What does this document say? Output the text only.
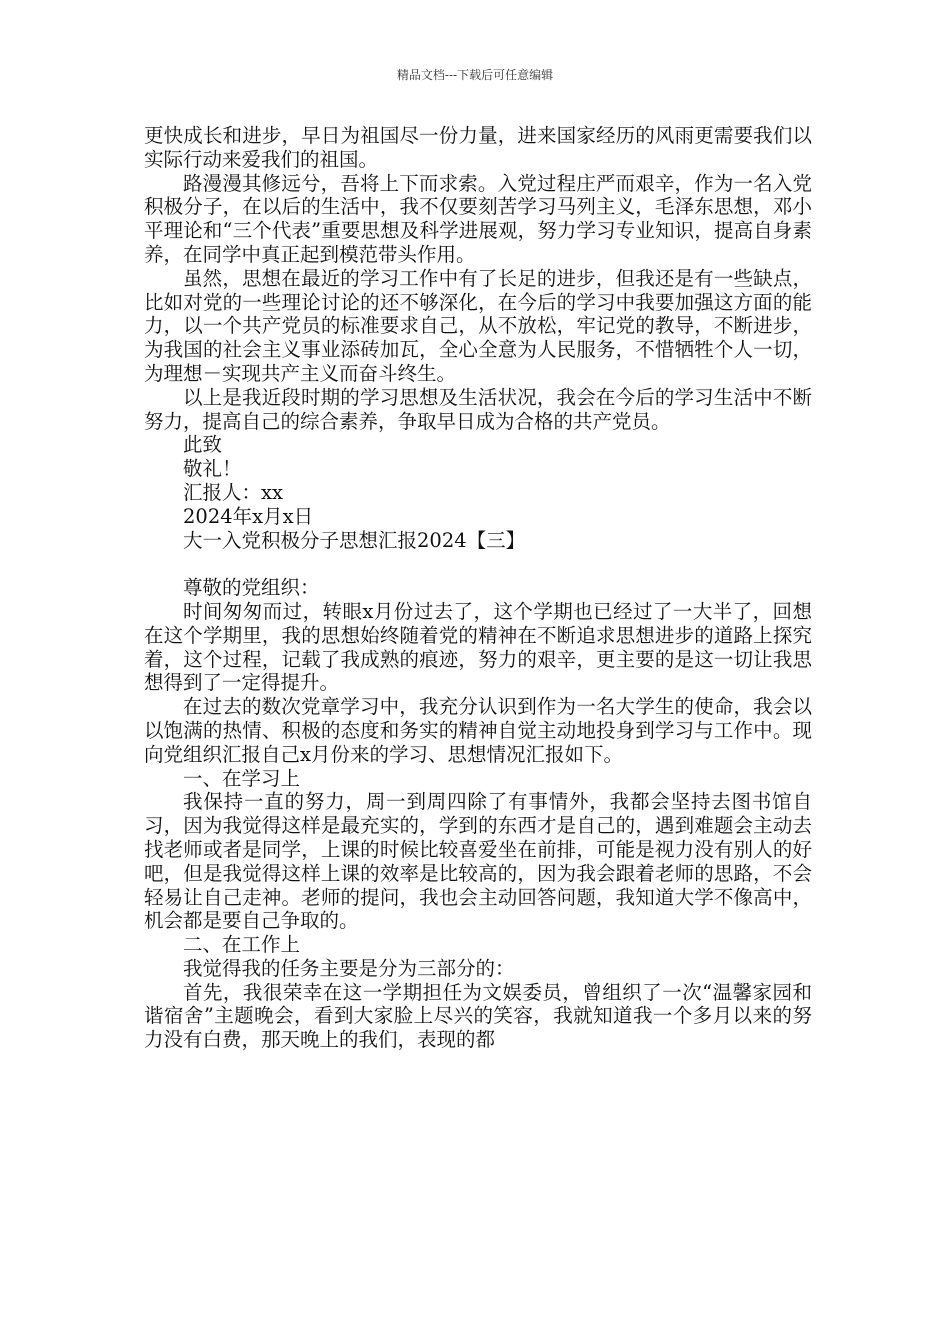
精品文档---下载后可任意编辑

更快成长和进步，早日为祖国尽一份力量，进来国家经历的风雨更需要我们以实际行动来爱我们的祖国。

路漫漫其修远兮，吾将上下而求索。入党过程庄严而艰辛，作为一名入党积极分子，在以后的生活中，我不仅要刻苦学习马列主义，毛泽东思想，邓小平理论和“三个代表”重要思想及科学进展观，努力学习专业知识，提高自身素养，在同学中真正起到模范带头作用。

虽然，思想在最近的学习工作中有了长足的进步，但我还是有一些缺点，比如对党的一些理论讨论的还不够深化，在今后的学习中我要加强这方面的能力，以一个共产党员的标准要求自己，从不放松，牢记党的教导，不断进步，为我国的社会主义事业添砖加瓦，全心全意为人民服务，不惜牺牲个人一切，为理想－实现共产主义而奋斗终生。

以上是我近段时期的学习思想及生活状况，我会在今后的学习生活中不断努力，提高自己的综合素养，争取早日成为合格的共产党员。

此致

敬礼！

汇报人：xx

2024年x月x日

大一入党积极分子思想汇报2024【三】

尊敬的党组织：

时间匆匆而过，转眼x月份过去了，这个学期也已经过了一大半了，回想在这个学期里，我的思想始终随着党的精神在不断追求思想进步的道路上探究着，这个过程，记载了我成熟的痕迹，努力的艰辛，更主要的是这一切让我思想得到了一定得提升。

在过去的数次党章学习中，我充分认识到作为一名大学生的使命，我会以以饱满的热情、积极的态度和务实的精神自觉主动地投身到学习与工作中。现向党组织汇报自己x月份来的学习、思想情况汇报如下。

一、在学习上

我保持一直的努力，周一到周四除了有事情外，我都会坚持去图书馆自习，因为我觉得这样是最充实的，学到的东西才是自己的，遇到难题会主动去找老师或者是同学，上课的时候比较喜爱坐在前排，可能是视力没有别人的好吧，但是我觉得这样上课的效率是比较高的，因为我会跟着老师的思路，不会轻易让自己走神。老师的提问，我也会主动回答问题，我知道大学不像高中，机会都是要自己争取的。

二、在工作上

我觉得我的任务主要是分为三部分的：

首先，我很荣幸在这一学期担任为文娱委员，曾组织了一次“温馨家园和谐宿舍”主题晚会，看到大家脸上尽兴的笑容，我就知道我一个多月以来的努力没有白费，那天晚上的我们，表现的都
